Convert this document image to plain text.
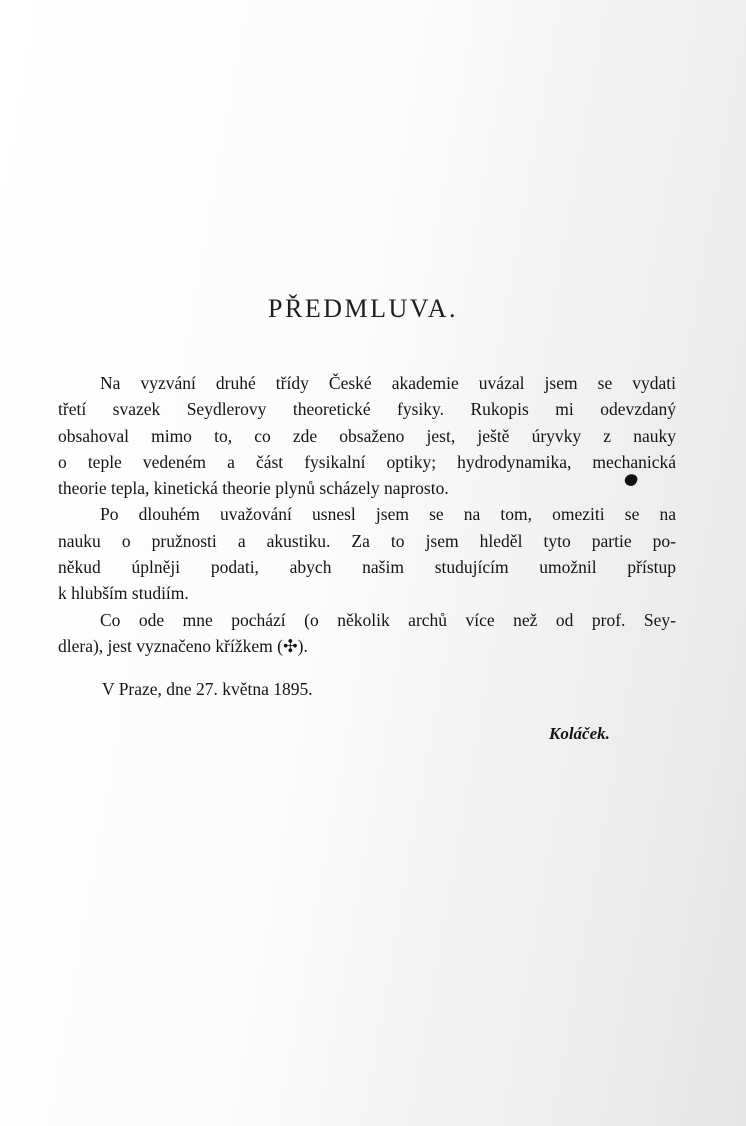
PŘEDMLUVA.
Na vyzvání druhé třídy České akademie uvázal jsem se vydati
třetí svazek Seydlerovy theoretické fysiky. Rukopis mi odevzdaný
obsahoval mimo to, co zde obsaženo jest, ještě úryvky z nauky
o teple vedeném a část fysikalní optiky; hydrodynamika, mechanická
theorie tepla, kinetická theorie plynů scházely naprosto.
Po dlouhém uvažování usnesl jsem se na tom, omeziti se na
nauku o pružnosti a akustiku. Za to jsem hleděl tyto partie po-
někud úplněji podati, abych našim studujícím umožnil přístup
k hlubším studiím.
Co ode mne pochází (o několik archů více než od prof. Sey-
dlera), jest vyznačeno křížkem (✣).
V Praze, dne 27. května 1895.
Koláček.
